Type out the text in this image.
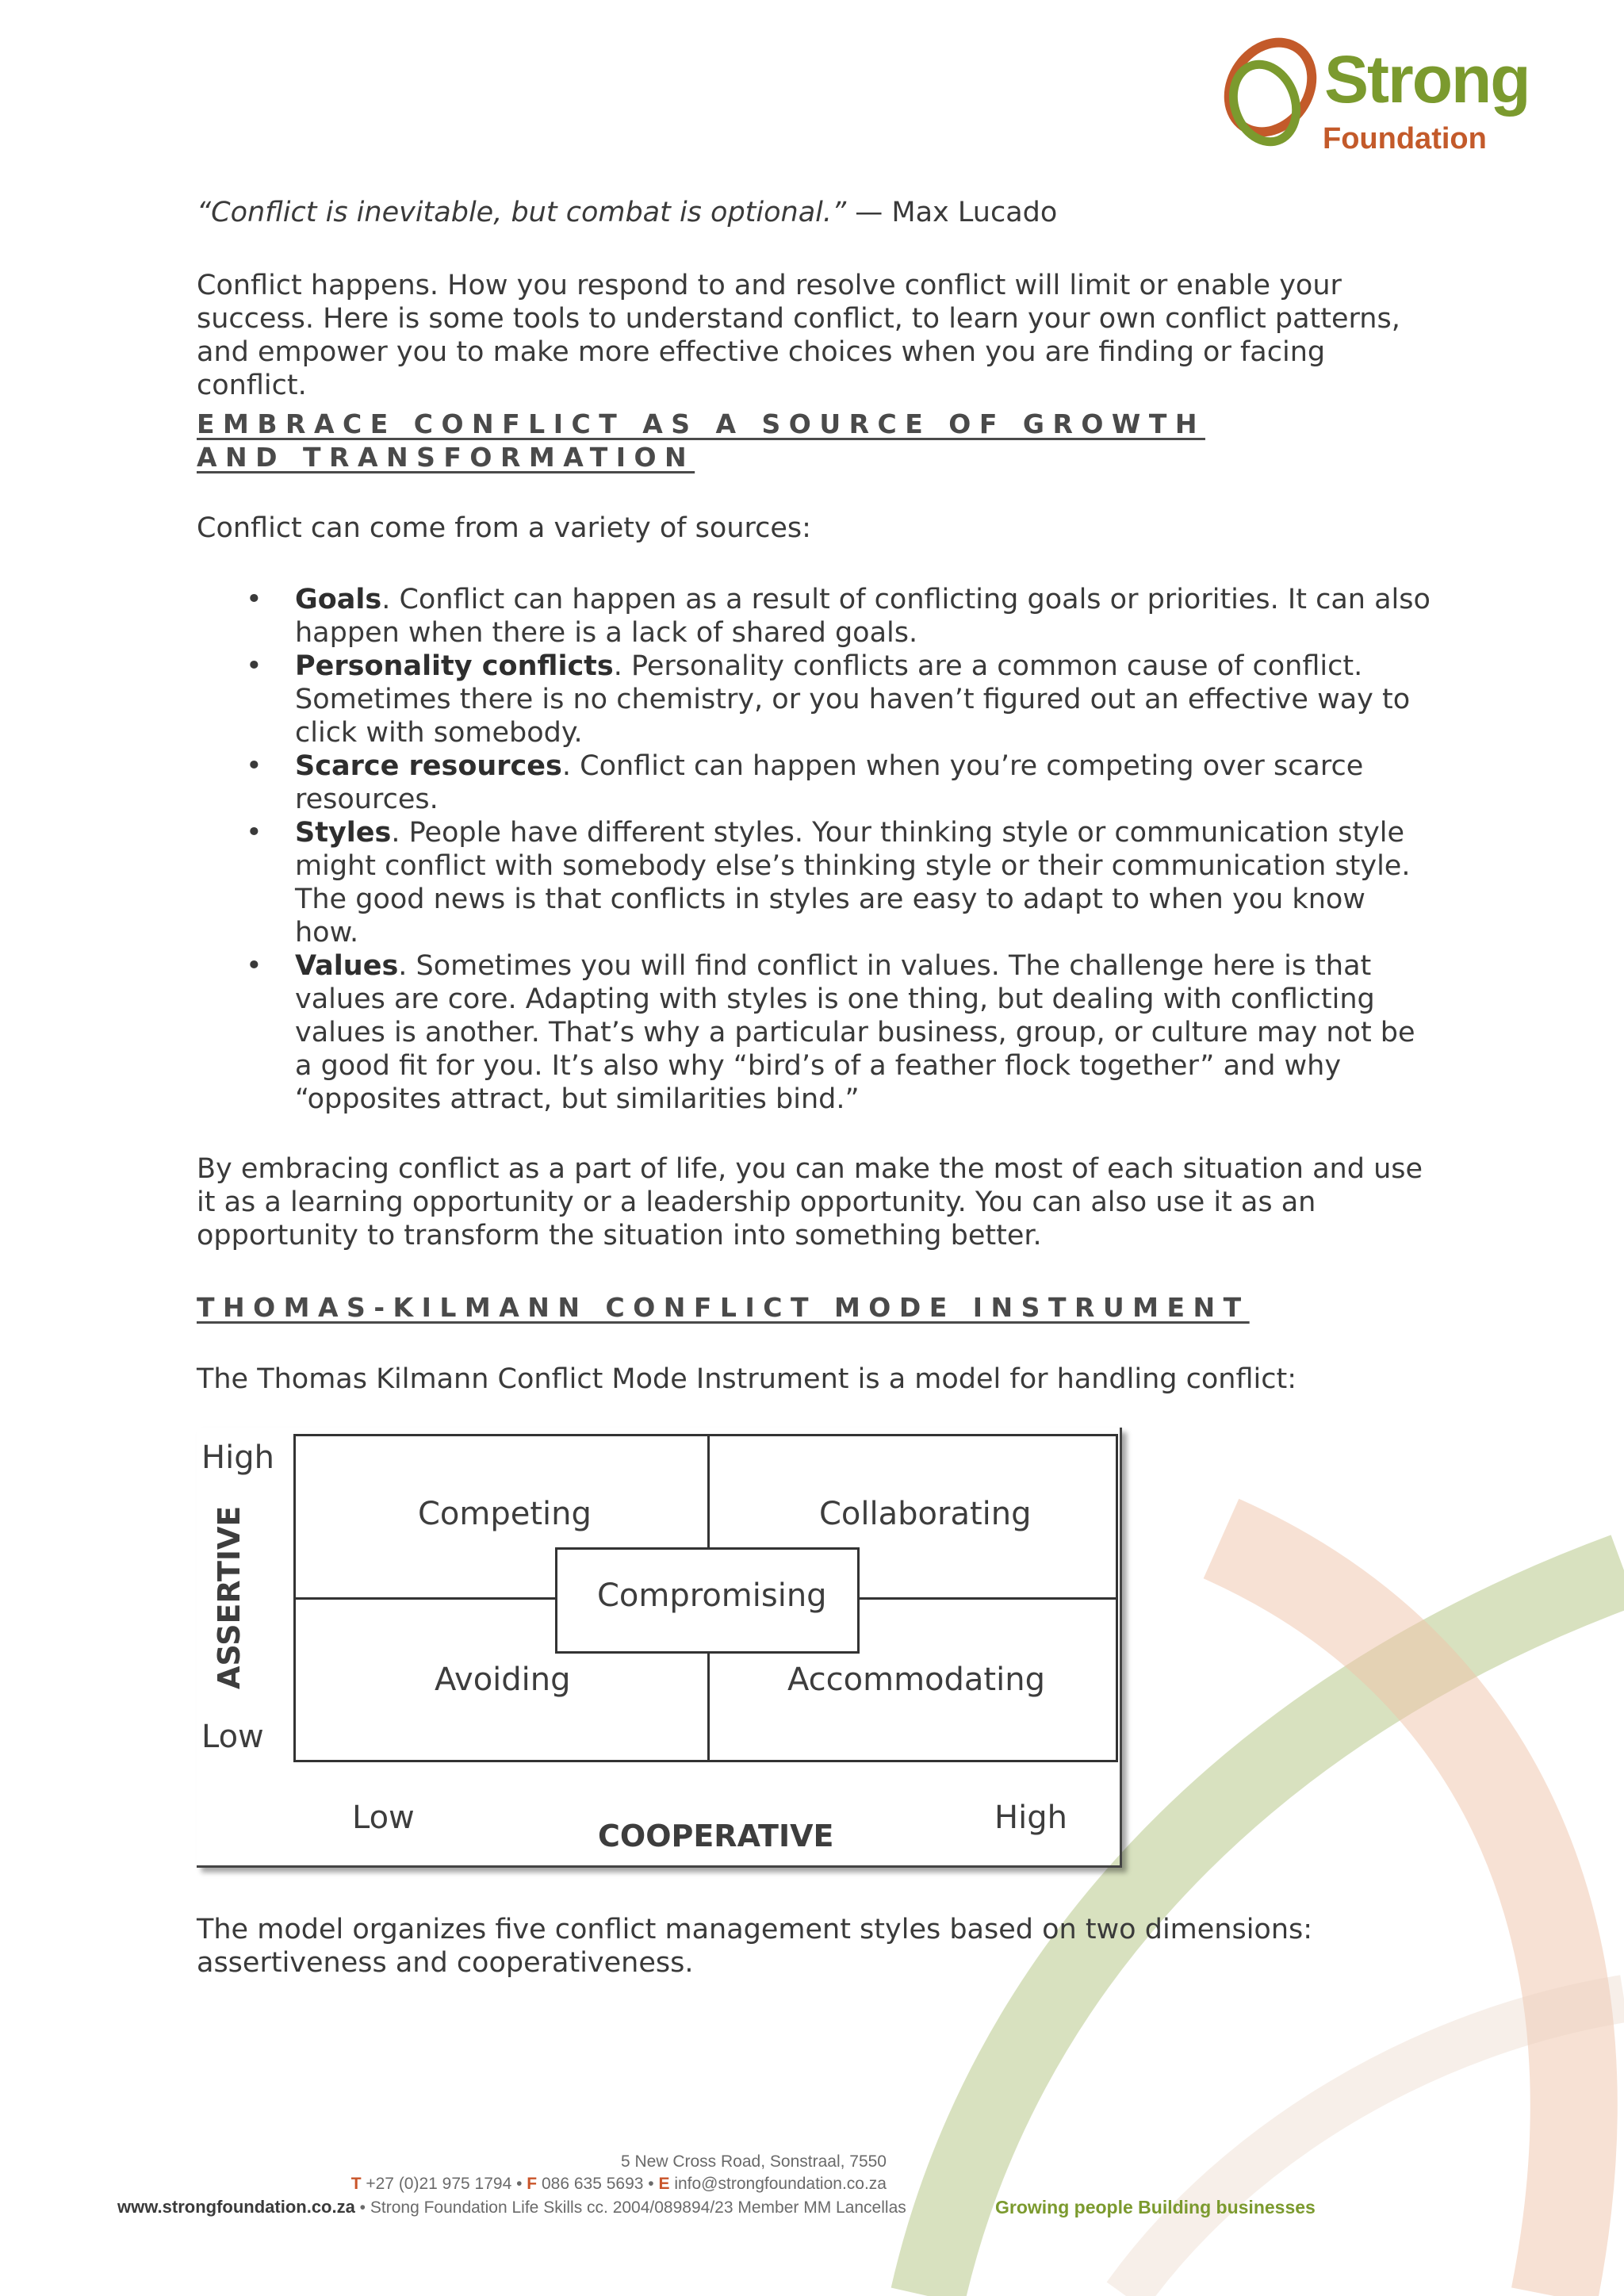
Strong
Foundation

“Conflict is inevitable, but combat is optional.” — Max Lucado

Conflict happens. How you respond to and resolve conflict will limit or enable your success. Here is some tools to understand conflict, to learn your own conflict patterns, and empower you to make more effective choices when you are finding or facing conflict.

EMBRACE CONFLICT AS A SOURCE OF GROWTH AND TRANSFORMATION

Conflict can come from a variety of sources:

• Goals. Conflict can happen as a result of conflicting goals or priorities. It can also happen when there is a lack of shared goals.
• Personality conflicts. Personality conflicts are a common cause of conflict. Sometimes there is no chemistry, or you haven’t figured out an effective way to click with somebody.
• Scarce resources. Conflict can happen when you’re competing over scarce resources.
• Styles. People have different styles. Your thinking style or communication style might conflict with somebody else’s thinking style or their communication style. The good news is that conflicts in styles are easy to adapt to when you know how.
• Values. Sometimes you will find conflict in values. The challenge here is that values are core. Adapting with styles is one thing, but dealing with conflicting values is another. That’s why a particular business, group, or culture may not be a good fit for you. It’s also why “bird’s of a feather flock together” and why “opposites attract, but similarities bind.”

By embracing conflict as a part of life, you can make the most of each situation and use it as a learning opportunity or a leadership opportunity. You can also use it as an opportunity to transform the situation into something better.

THOMAS-KILMANN CONFLICT MODE INSTRUMENT

The Thomas Kilmann Conflict Mode Instrument is a model for handling conflict:

The model organizes five conflict management styles based on two dimensions: assertiveness and cooperativeness.

High
ASSERTIVE
Low
Competing	Collaborating
Avoiding	Accommodating
Compromising
Low	COOPERATIVE	High
5 New Cross Road, Sonstraal, 7550
T +27 (0)21 975 1794 • F 086 635 5693 • E info@strongfoundation.co.za
www.strongfoundation.co.za • Strong Foundation Life Skills cc. 2004/089894/23 Member MM Lancellas	Growing people Building businesses
